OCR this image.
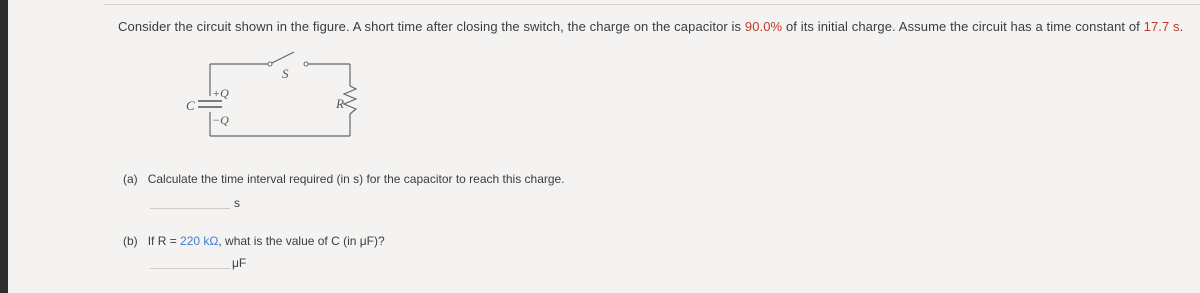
Consider the circuit shown in the figure. A short time after closing the switch, the charge on the capacitor is 90.0% of its initial charge. Assume the circuit has a time constant of 17.7 s.
S
C
+Q
−Q
R
(a) Calculate the time interval required (in s) for the capacitor to reach this charge.
s
(b) If R = 220 kΩ, what is the value of C (in μF)?
μF
